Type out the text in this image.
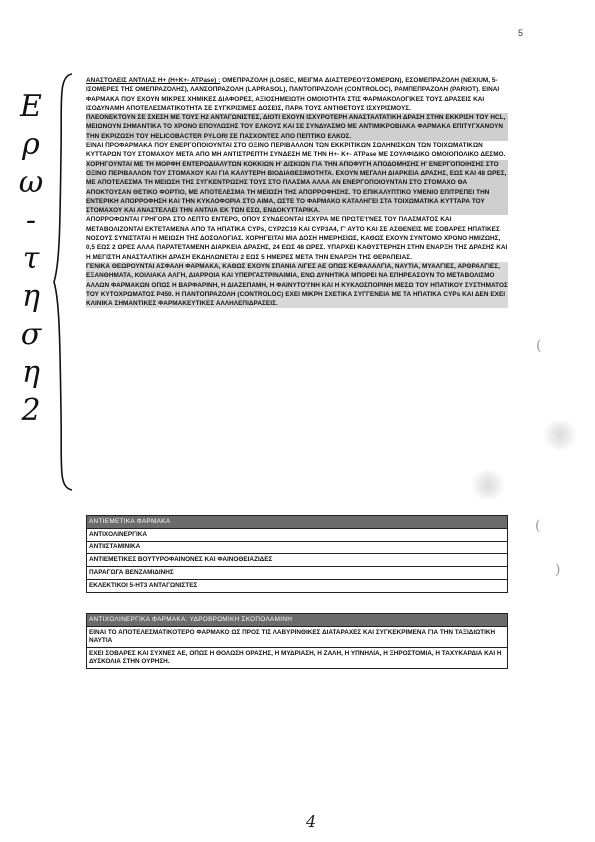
5
Ε
ρ
ω
-
τ
η
σ
η
2

ΑΝΑΣΤΟΛΕΙΣ ΑΝΤΛΙΑΣ Η+ (Η+Κ+- ΑΤPase) : ΟΜΕΠΡΑΖΟΛΗ (LOSEC, ΜΕΙΓΜΑ ΔΙΑΣΤΕΡΕΟ'Ι'ΣΟΜΕΡΩΝ), ΕΣΟΜΕΠΡΑΖΟΛΗ (NEXIUM, 5- ΙΣΟΜΕΡΕΣ ΤΗΣ ΟΜΕΠΡΑΖΟΛΗΣ), ΛΑΝΣΟΠΡΑΖΟΛΗ (LAPRASOL), ΠΑΝΤΟΠΡΑΖΟΛΗ (CONTROLOC), ΡΑΜΠΕΠΡΑΖΟΛΗ (PARIOT). ΕΙΝΑΙ ΦΑΡΜΑΚΑ ΠΟΥ ΕΧΟΥΝ ΜΙΚΡΕΣ ΧΗΜΙΚΕΣ ΔΙΑΦΟΡΕΣ, ΑΞΙΟΣΗΜΕΙΩΤΗ ΟΜΟΙΟΤΗΤΑ ΣΤΙΣ ΦΑΡΜΑΚΟΛΟΓΙΚΕΣ ΤΟΥΣ ΔΡΑΣΕΙΣ ΚΑΙ ΙΣΟΔΥΝΑΜΗ ΑΠΟΤΕΛΕΣΜΑΤΙΚΟΤΗΤΑ ΣΕ ΣΥΓΚΡΙΣΙΜΕΣ ΔΟΣΕΙΣ, ΠΑΡΑ ΤΟΥΣ ΑΝΤΙΘΕΤΟΥΣ ΙΣΧΥΡΙΣΜΟΥΣ.

ΠΛΕΟΝΕΚΤΟΥΝ ΣΕ ΣΧΕΣΗ ΜΕ ΤΟΥΣ Η2 ΑΝΤΑΓΩΝΙΣΤΕΣ, ΔΙΟΤΙ ΕΧΟΥΝ ΙΣΧΥΡΟΤΕΡΗ ΑΝΑΣΤΑΛΤΑΤΙΚΗ ΔΡΑΣΗ ΣΤΗΝ ΕΚΚΡΙΣΗ ΤΟΥ HCL, ΜΕΙΩΝΟΥΝ ΣΗΜΑΝΤΙΚΑ ΤΟ ΧΡΟΝΟ ΕΠΟΥΛΩΣΗΣ ΤΟΥ ΕΛΚΟΥΣ ΚΑΙ ΣΕ ΣΥΝΔΥΑΣΜΟ ΜΕ ΑΝΤΙΜΙΚΡΟΒΙΑΚΑ ΦΑΡΜΑΚΑ ΕΠΙΤΥΓΧΑΝΟΥΝ ΤΗΝ ΕΚΡΙΖΩΣΗ ΤΟΥ HELICOBACTER PYLORI ΣΕ ΠΑΣΧΟΝΤΕΣ ΑΠΟ ΠΕΠΤΙΚΟ ΕΛΚΟΣ.

ΕΙΝΑΙ ΠΡΟΦΑΡΜΑΚΑ ΠΟΥ ΕΝΕΡΓΟΠΟΙΟΥΝΤΑΙ ΣΤΟ ΟΞΙΝΟ ΠΕΡΙΒΑΛΛΟΝ ΤΩΝ ΕΚΚΡΙΤΙΚΩΝ ΣΩΛΗΝΙΣΚΩΝ ΤΩΝ ΤΟΙΧΩΜΑΤΙΚΩΝ ΚΥΤΤΑΡΩΝ ΤΟΥ ΣΤΟΜΑΧΟΥ ΜΕΤΑ ΑΠΟ ΜΗ ΑΝΤΙΣΤΡΕΠΤΗ ΣΥΝΔΕΣΗ ΜΕ ΤΗΝ Η+- Κ+- ΑΤPase ΜΕ ΣΟΥΛΦΙΔΙΚΟ ΟΜΟΙΟΠΟΛΙΚΟ ΔΕΣΜΟ.

ΧΟΡΗΓΟΥΝΤΑΙ ΜΕ ΤΗ ΜΟΡΦΗ ΕΝΤΕΡΟΔΙΑΛΥΤΩΝ ΚΟΚΚΙΩΝ Η' ΔΙΣΚΙΩΝ ΓΙΑ ΤΗΝ ΑΠΟΦΥΓΗ ΑΠΟΔΟΜΗΣΗΣ Η' ΕΝΕΡΓΟΠΟΙΗΣΗΣ ΣΤΟ ΟΞΙΝΟ ΠΕΡΙΒΑΛΛΟΝ ΤΟΥ ΣΤΟΜΑΧΟΥ ΚΑΙ ΓΙΑ ΚΑΛΥΤΕΡΗ ΒΙΟΔΙΑΘΕΣΙΜΟΤΗΤΑ. ΕΧΟΥΝ ΜΕΓΑΛΗ ΔΙΑΡΚΕΙΑ ΔΡΑΣΗΣ, ΕΩΣ ΚΑΙ 48 ΩΡΕΣ, ΜΕ ΑΠΟΤΕΛΕΣΜΑ ΤΗ ΜΕΙΩΣΗ ΤΗΣ ΣΥΓΚΕΝΤΡΩΣΗΣ ΤΟΥΣ ΣΤΟ ΠΛΑΣΜΑ ΑΛΛΑ ΑΝ ΕΝΕΡΓΟΠΟΙΟΥΝΤΑΝ ΣΤΟ ΣΤΟΜΑΧΟ ΘΑ ΑΠΟΚΤΟΥΣΑΝ ΘΕΤΙΚΟ ΦΟΡΤΙΟ, ΜΕ ΑΠΟΤΕΛΕΣΜΑ ΤΗ ΜΕΙΩΣΗ ΤΗΣ ΑΠΟΡΡΟΦΗΣΗΣ. ΤΟ ΕΠΙΚΑΛΥΠΤΙΚΟ ΥΜΕΝΙΟ ΕΠΙΤΡΕΠΕΙ ΤΗΝ ΕΝΤΕΡΙΚΗ ΑΠΟΡΡΟΦΗΣΗ ΚΑΙ ΤΗΝ ΚΥΚΛΟΦΟΡΙΑ ΣΤΟ ΑΙΜΑ, ΩΣΤΕ ΤΟ ΦΑΡΜΑΚΟ ΚΑΤΑΛΗΓΕΙ ΣΤΑ ΤΟΙΧΩΜΑΤΙΚΑ ΚΥΤΤΑΡΑ ΤΟΥ ΣΤΟΜΑΧΟΥ ΚΑΙ ΑΝΑΣΤΕΛΛΕΙ ΤΗΝ ΑΝΤΛΙΑ ΕΚ ΤΩΝ ΕΣΩ, ΕΝΔΟΚΥΤΤΑΡΙΚΑ.

ΑΠΟΡΡΟΦΩΝΤΑΙ ΓΡΗΓΟΡΑ ΣΤΟ ΛΕΠΤΟ ΕΝΤΕΡΟ, ΟΠΟΥ ΣΥΝΔΕΟΝΤΑΙ ΙΣΧΥΡΑ ΜΕ ΠΡΩΤΕ'Ι'ΝΕΣ ΤΟΥ ΠΛΑΣΜΑΤΟΣ ΚΑΙ ΜΕΤΑΒΟΛΙΖΟΝΤΑΙ ΕΚΤΕΤΑΜΕΝΑ ΑΠΟ ΤΑ ΗΠΑΤΙΚΑ CYPs, CYP2C19 ΚΑΙ CYP3A4, Γ' ΑΥΤΟ ΚΑΙ ΣΕ ΑΣΘΕΝΕΙΣ ΜΕ ΣΟΒΑΡΕΣ ΗΠΑΤΙΚΕΣ ΝΟΣΟΥΣ ΣΥΝΙΣΤΑΤΑΙ Η ΜΕΙΩΣΗ ΤΗΣ ΔΟΣΟΛΟΓΙΑΣ. ΧΟΡΗΓΕΙΤΑΙ ΜΙΑ ΔΟΣΗ ΗΜΕΡΗΣΙΩΣ, ΚΑΘΩΣ ΕΧΟΥΝ ΣΥΝΤΟΜΟ ΧΡΟΝΟ ΗΜΙΖΩΗΣ, 0,5 ΕΩΣ 2 ΩΡΕΣ ΑΛΛΑ ΠΑΡΑΤΕΤΑΜΕΝΗ ΔΙΑΡΚΕΙΑ ΔΡΑΣΗΣ, 24 ΕΩΣ 48 ΩΡΕΣ. ΥΠΑΡΧΕΙ ΚΑΘΥΣΤΕΡΗΣΗ ΣΤΗΝ ΕΝΑΡΞΗ ΤΗΣ ΔΡΑΣΗΣ ΚΑΙ Η ΜΕΓΙΣΤΗ ΑΝΑΣΤΑΛΤΙΚΗ ΔΡΑΣΗ ΕΚΔΗΛΩΝΕΤΑΙ 2 ΕΩΣ 5 ΗΜΕΡΕΣ ΜΕΤΑ ΤΗΝ ΕΝΑΡΞΗ ΤΗΣ ΘΕΡΑΠΕΙΑΣ.

ΓΕΝΙΚΑ ΘΕΩΡΟΥΝΤΑΙ ΑΣΦΑΛΗ ΦΑΡΜΑΚΑ, ΚΑΘΩΣ ΕΧΟΥΝ ΣΠΑΝΙΑ ΛΙΓΕΣ ΑΕ ΟΠΩΣ ΚΕΦΑΛΑΛΓΙΑ, ΝΑΥΤΙΑ, ΜΥΑΛΓΙΕΣ, ΑΡΘΡΑΛΓΙΕΣ, ΕΞΑΝΘΗΜΑΤΑ, ΚΟΙΛΙΑΚΑ ΑΛΓΗ, ΔΙΑΡΡΟΙΑ ΚΑΙ ΥΠΕΡΓΑΣΤΡΙΝΑΙΜΙΑ, ΕΝΩ ΔΥΝΗΤΙΚΑ ΜΠΟΡΕΙ ΝΑ ΕΠΗΡΕΑΣΟΥΝ ΤΟ ΜΕΤΑΒΟΛΙΣΜΟ ΑΛΛΩΝ ΦΑΡΜΑΚΩΝ ΟΠΩΣ Η ΒΑΡΦΑΡΙΝΗ, Η ΔΙΑΖΕΠΑΜΗ, Η ΦΑΙΝΥΤΟ'Ι'ΝΗ ΚΑΙ Η ΚΥΚΛΟΣΠΟΡΙΝΗ ΜΕΣΩ ΤΟΥ ΗΠΑΤΙΚΟΥ ΣΥΣΤΗΜΑΤΟΣ ΤΟΥ ΚΥΤΟΧΡΩΜΑΤΟΣ Ρ450. Η ΠΑΝΤΟΠΡΑΖΟΛΗ (CONTROLOC) ΕΧΕΙ ΜΙΚΡΗ ΣΧΕΤΙΚΑ ΣΥΓΓΕΝΕΙΑ ΜΕ ΤΑ ΗΠΑΤΙΚΑ CYPs ΚΑΙ ΔΕΝ ΕΧΕΙ ΚΛΙΝΙΚΑ ΣΗΜΑΝΤΙΚΕΣ ΦΑΡΜΑΚΕΥΤΙΚΕΣ ΑΛΛΗΛΕΠΙΔΡΑΣΕΙΣ.

ΑΝΤΙΕΜΕΤΙΚΑ ΦΑΡΜΑΚΑ
ΑΝΤΙΧΟΛΙΝΕΡΓΙΚΑ
ΑΝΤΙΙΣΤΑΜΙΝΙΚΑ
ΑΝΤΙΕΜΕΤΙΚΕΣ ΒΟΥΤΥΡΟΦΑΙΝΟΝΕΣ ΚΑΙ ΦΑΙΝΟΘΕΙΑΖΙΔΕΣ
ΠΑΡΑΓΩΓΑ ΒΕΝΖΑΜΙΔΙΝΗΣ
ΕΚΛΕΚΤΙΚΟΙ 5-ΗΤ3 ΑΝΤΑΓΩΝΙΣΤΕΣ
ΑΝΤΙΧΟΛΙΝΕΡΓΙΚΑ ΦΑΡΜΑΚΑ: ΥΔΡΟΒΡΩΜΙΚΗ ΣΚΟΠΟΛΑΜΙΝΗ
ΕΙΝΑΙ ΤΟ ΑΠΟΤΕΛΕΣΜΑΤΙΚΟΤΕΡΟ ΦΑΡΜΑΚΟ ΩΣ ΠΡΟΣ ΤΙΣ ΛΑΒΥΡΙΝΘΙΚΕΣ ΔΙΑΤΑΡΑΧΕΣ ΚΑΙ ΣΥΓΚΕΚΡΙΜΕΝΑ ΓΙΑ ΤΗΝ ΤΑΞΙΔΙΩΤΙΚΗ ΝΑΥΤΙΑ
ΕΧΕΙ ΣΟΒΑΡΕΣ ΚΑΙ ΣΥΧΝΕΣ ΑΕ, ΟΠΩΣ Η ΘΟΛΩΣΗ ΟΡΑΣΗΣ, Η ΜΥΔΡΙΑΣΗ, Η ΖΑΛΗ, Η ΥΠΝΗΛΙΑ, Η ΞΗΡΟΣΤΟΜΙΑ, Η ΤΑΧΥΚΑΡΔΙΑ ΚΑΙ Η ΔΥΣΚΟΛΙΑ ΣΤΗΝ ΟΥΡΗΣΗ.
(
(
)
4
